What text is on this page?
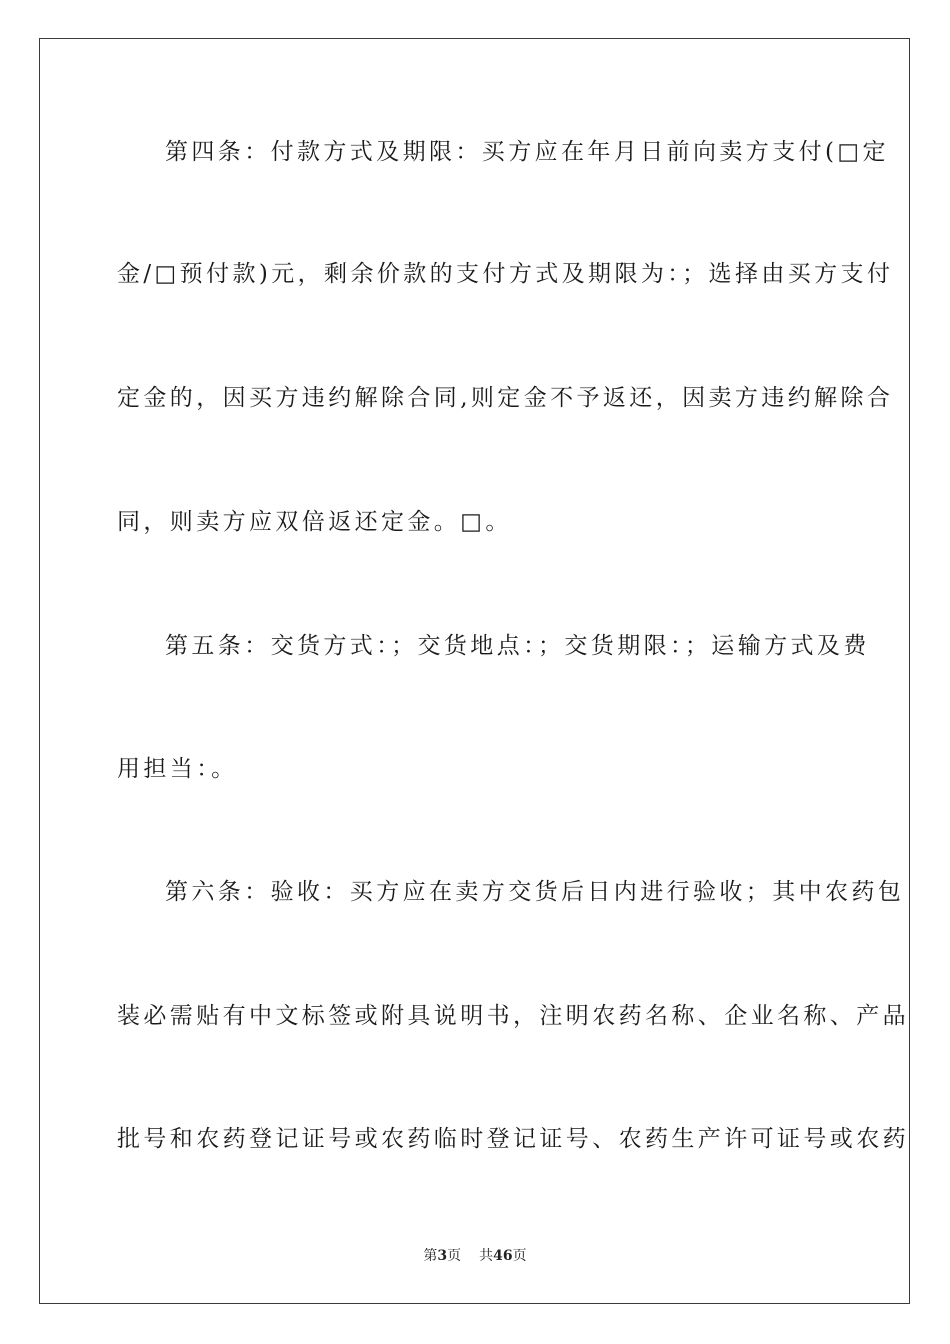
第四条：付款方式及期限：买方应在年月日前向卖方支付(□定
金/□预付款)元，剩余价款的支付方式及期限为：；选择由买方支付
定金的，因买方违约解除合同,则定金不予返还，因卖方违约解除合
同，则卖方应双倍返还定金。□。
第五条：交货方式：；交货地点：；交货期限：；运输方式及费
用担当：。
第六条：验收：买方应在卖方交货后日内进行验收；其中农药包
装必需贴有中文标签或附具说明书，注明农药名称、企业名称、产品
批号和农药登记证号或农药临时登记证号、农药生产许可证号或农药
第3页 共46页
